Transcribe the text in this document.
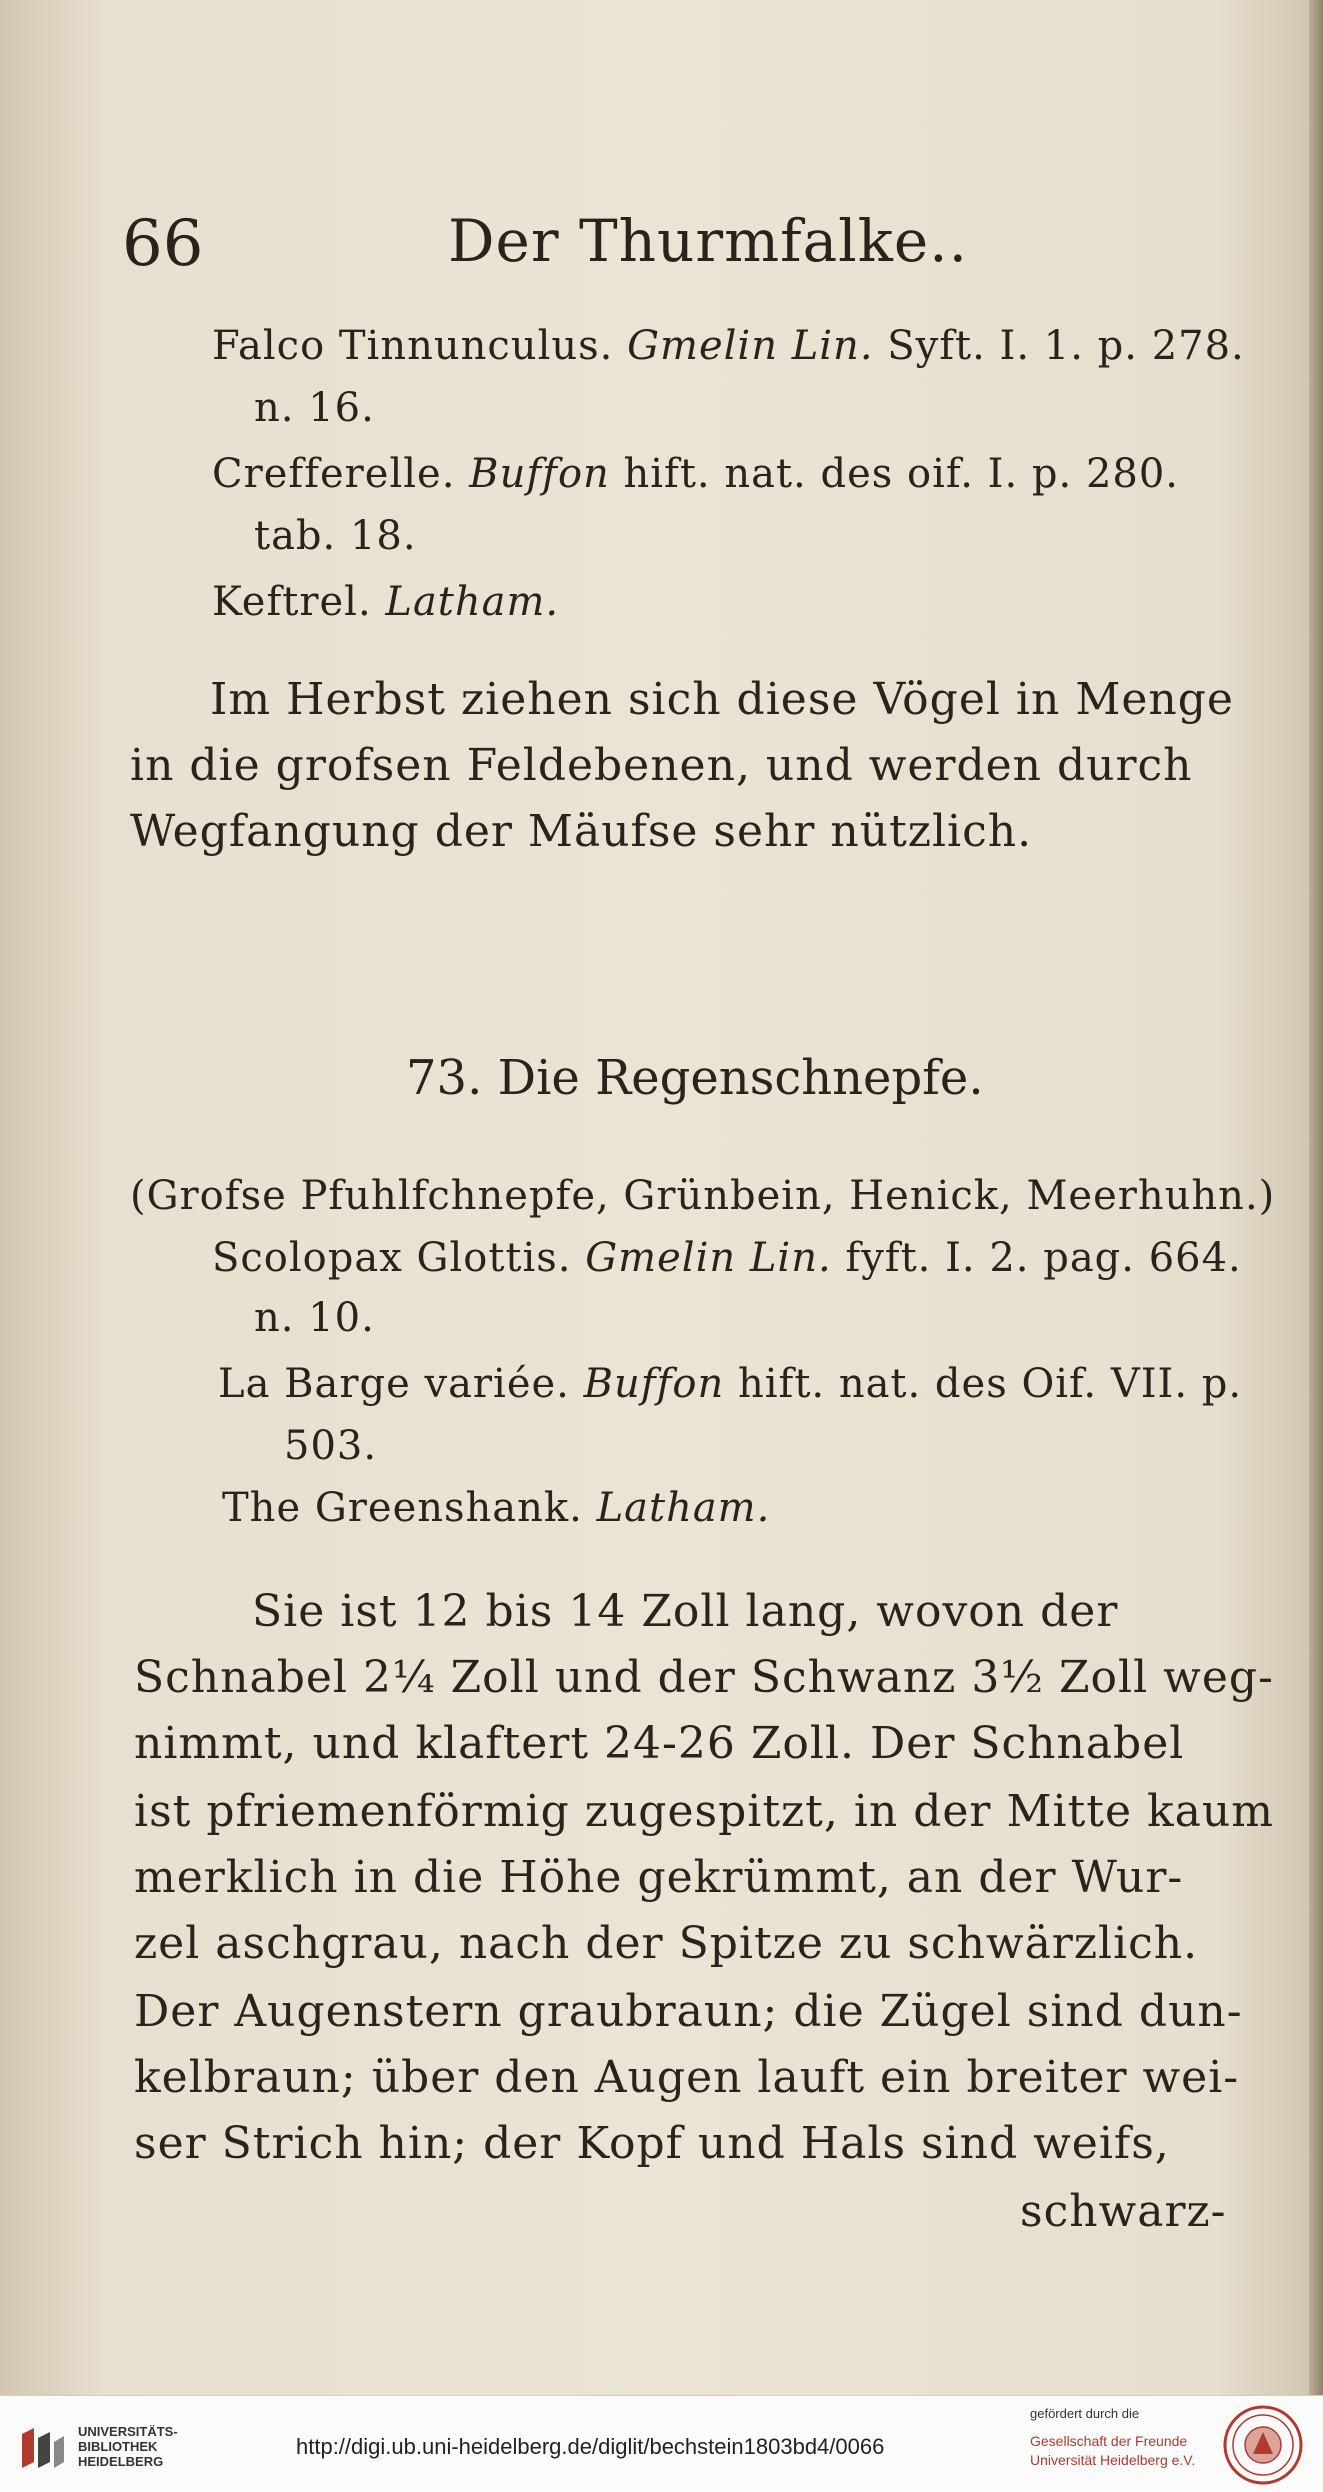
66	Der Thurmfalke..
Falco Tinnunculus. Gmelin Lin. Syft. I. 1. p. 278.
n. 16.
Crefferelle. Buffon hift. nat. des oif. I. p. 280.
tab. 18.
Keftrel. Latham.
Im Herbst ziehen sich diese Vögel in Menge
in die grofsen Feldebenen, und werden durch
Wegfangung der Mäufse sehr nützlich.
73. Die Regenschnepfe.
(Grofse Pfuhlfchnepfe, Grünbein, Henick, Meerhuhn.)
Scolopax Glottis. Gmelin Lin. fyft. I. 2. pag. 664.
n. 10.
La Barge variée. Buffon hift. nat. des Oif. VII. p.
503.
The Greenshank. Latham.
Sie ist 12 bis 14 Zoll lang, wovon der
Schnabel 2¼ Zoll und der Schwanz 3½ Zoll weg-
nimmt, und klaftert 24-26 Zoll. Der Schnabel
ist pfriemenförmig zugespitzt, in der Mitte kaum
merklich in die Höhe gekrümmt, an der Wur-
zel aschgrau, nach der Spitze zu schwärzlich.
Der Augenstern graubraun; die Zügel sind dun-
kelbraun; über den Augen lauft ein breiter wei-
ser Strich hin; der Kopf und Hals sind weifs,
schwarz-
UNIVERSITÄTS- BIBLIOTHEK HEIDELBERG
http://digi.ub.uni-heidelberg.de/diglit/bechstein1803bd4/0066
gefördert durch die
Gesellschaft der Freunde Universität Heidelberg e.V.
